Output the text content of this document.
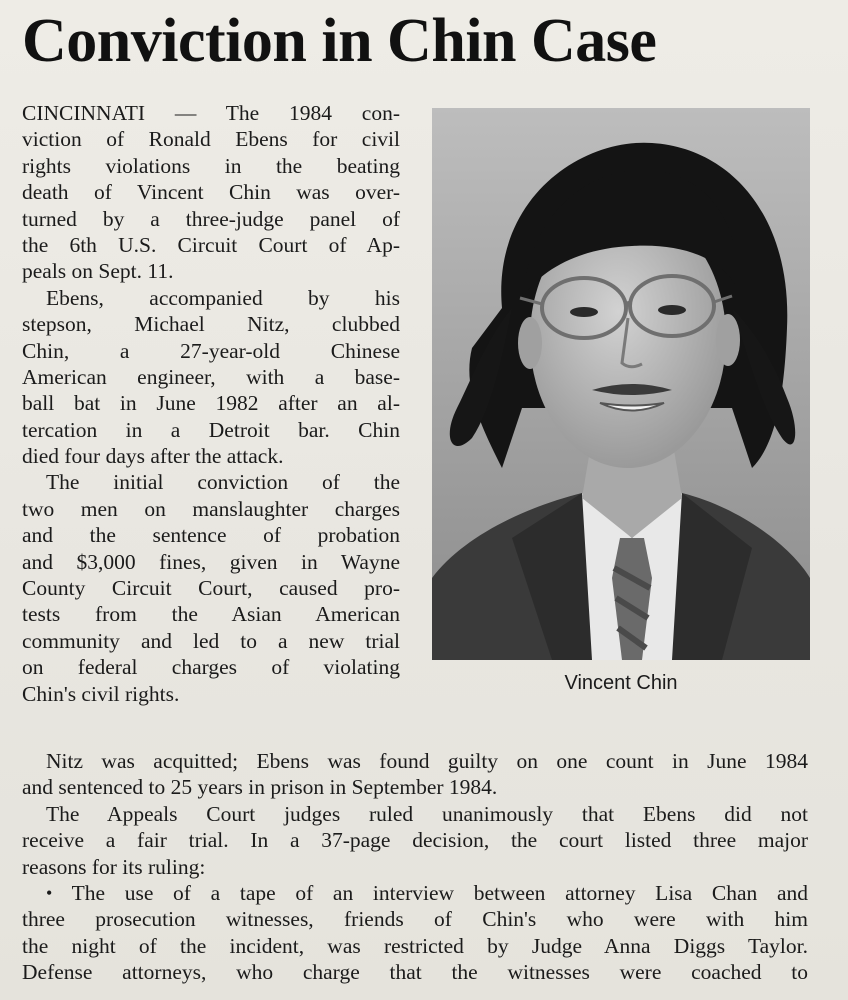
Conviction in Chin Case
CINCINNATI — The 1984 con-
viction of Ronald Ebens for civil
rights violations in the beating
death of Vincent Chin was over-
turned by a three-judge panel of
the 6th U.S. Circuit Court of Ap-
peals on Sept. 11.
Ebens, accompanied by his
stepson, Michael Nitz, clubbed
Chin, a 27-year-old Chinese
American engineer, with a base-
ball bat in June 1982 after an al-
tercation in a Detroit bar. Chin
died four days after the attack.
The initial conviction of the
two men on manslaughter charges
and the sentence of probation
and $3,000 fines, given in Wayne
County Circuit Court, caused pro-
tests from the Asian American
community and led to a new trial
on federal charges of violating
Chin's civil rights.	Vincent Chin
Nitz was acquitted; Ebens was found guilty on one count in June 1984
and sentenced to 25 years in prison in September 1984.
The Appeals Court judges ruled unanimously that Ebens did not
receive a fair trial. In a 37-page decision, the court listed three major
reasons for its ruling:
• The use of a tape of an interview between attorney Lisa Chan and
three prosecution witnesses, friends of Chin's who were with him
the night of the incident, was restricted by Judge Anna Diggs Taylor.
Defense attorneys, who charge that the witnesses were coached to
